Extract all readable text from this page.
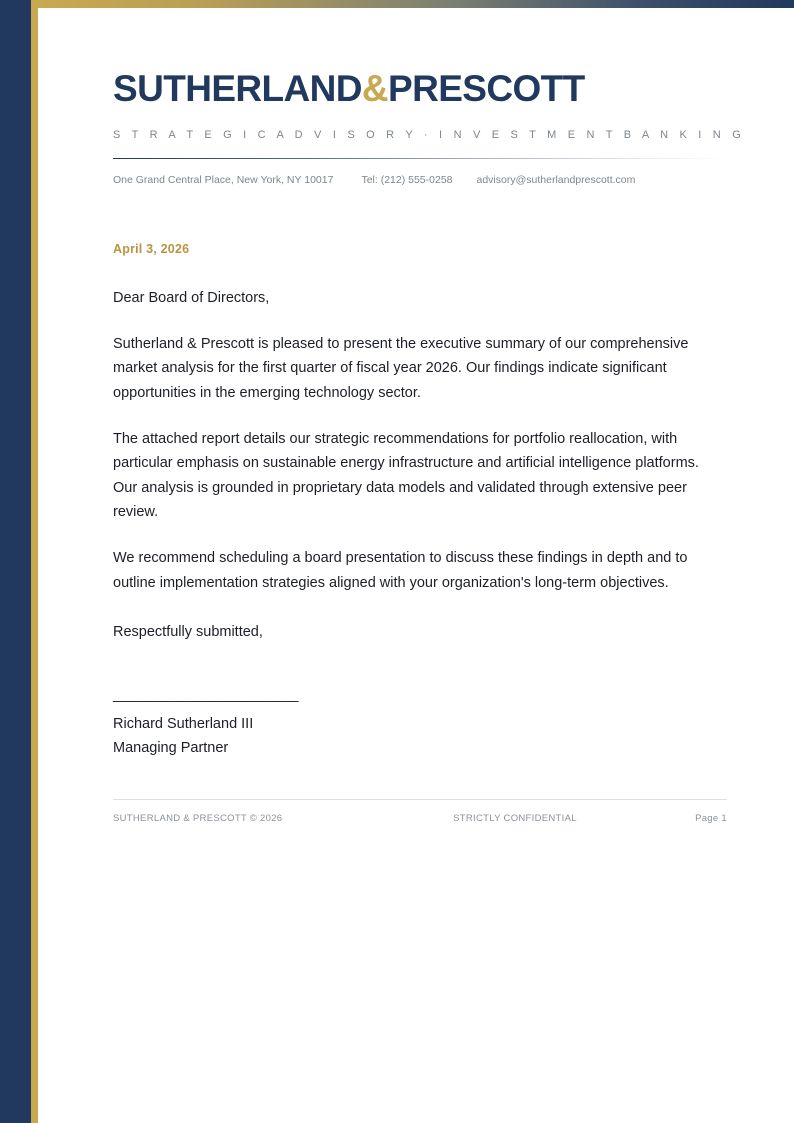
SUTHERLAND&PRESCOTT
S T R A T E G I C A D V I S O R Y · I N V E S T M E N T B A N K I N G
One Grand Central Place, New York, NY 10017	Tel: (212) 555-0258 advisory@sutherlandprescott.com
April 3, 2026
Dear Board of Directors,

Sutherland & Prescott is pleased to present the executive summary of our comprehensive market analysis for the first quarter of fiscal year 2026. Our findings indicate significant opportunities in the emerging technology sector.

The attached report details our strategic recommendations for portfolio reallocation, with particular emphasis on sustainable energy infrastructure and artificial intelligence platforms. Our analysis is grounded in proprietary data models and validated through extensive peer review.

We recommend scheduling a board presentation to discuss these findings in depth and to outline implementation strategies aligned with your organization's long-term objectives.

Respectfully submitted,
_______________________
Richard Sutherland III
Managing Partner
SUTHERLAND & PRESCOTT © 2026	STRICTLY CONFIDENTIAL	Page 1
